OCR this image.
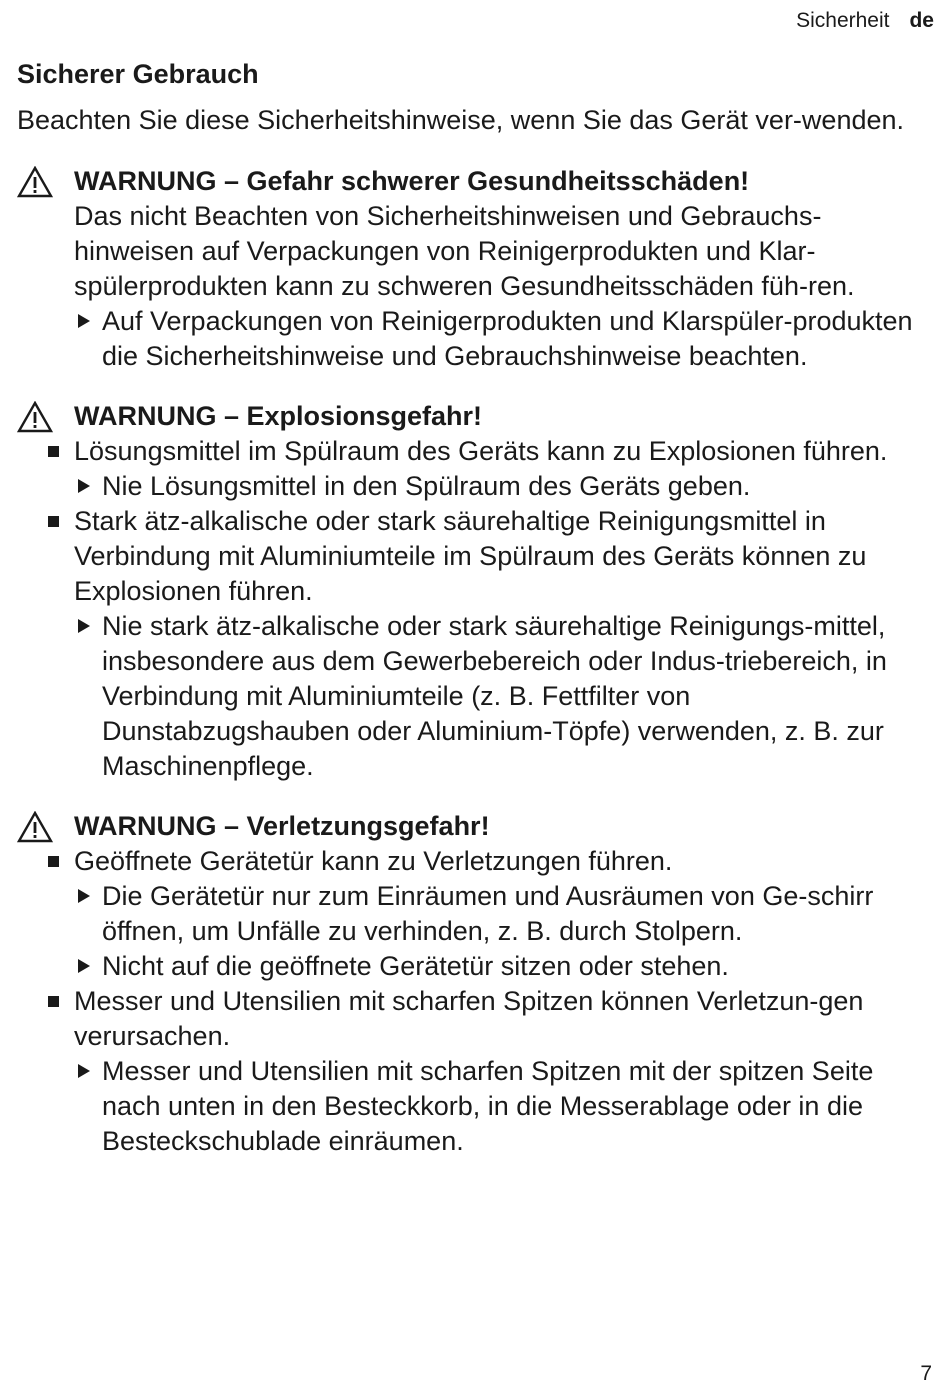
Sicherheit de
Sicherer Gebrauch

Beachten Sie diese Sicherheitshinweise, wenn Sie das Gerät ver-wenden.

WARNUNG – Gefahr schwerer Gesundheitsschäden!
Das nicht Beachten von Sicherheitshinweisen und Gebrauchs-hinweisen auf Verpackungen von Reinigerprodukten und Klar-spülerprodukten kann zu schweren Gesundheitsschäden füh-ren.
Auf Verpackungen von Reinigerprodukten und Klarspüler-produkten die Sicherheitshinweise und Gebrauchshinweise beachten.
WARNUNG – Explosionsgefahr!
Lösungsmittel im Spülraum des Geräts kann zu Explosionen führen.
Nie Lösungsmittel in den Spülraum des Geräts geben.
Stark ätz-alkalische oder stark säurehaltige Reinigungsmittel in Verbindung mit Aluminiumteile im Spülraum des Geräts können zu Explosionen führen.
Nie stark ätz-alkalische oder stark säurehaltige Reinigungs-mittel, insbesondere aus dem Gewerbebereich oder Indus-triebereich, in Verbindung mit Aluminiumteile (z. B. Fettfilter von Dunstabzugshauben oder Aluminium-Töpfe) verwenden, z. B. zur Maschinenpflege.
WARNUNG – Verletzungsgefahr!
Geöffnete Gerätetür kann zu Verletzungen führen.
Die Gerätetür nur zum Einräumen und Ausräumen von Ge-schirr öffnen, um Unfälle zu verhinden, z. B. durch Stolpern.
Nicht auf die geöffnete Gerätetür sitzen oder stehen.
Messer und Utensilien mit scharfen Spitzen können Verletzun-gen verursachen.
Messer und Utensilien mit scharfen Spitzen mit der spitzen Seite nach unten in den Besteckkorb, in die Messerablage oder in die Besteckschublade einräumen.
7
